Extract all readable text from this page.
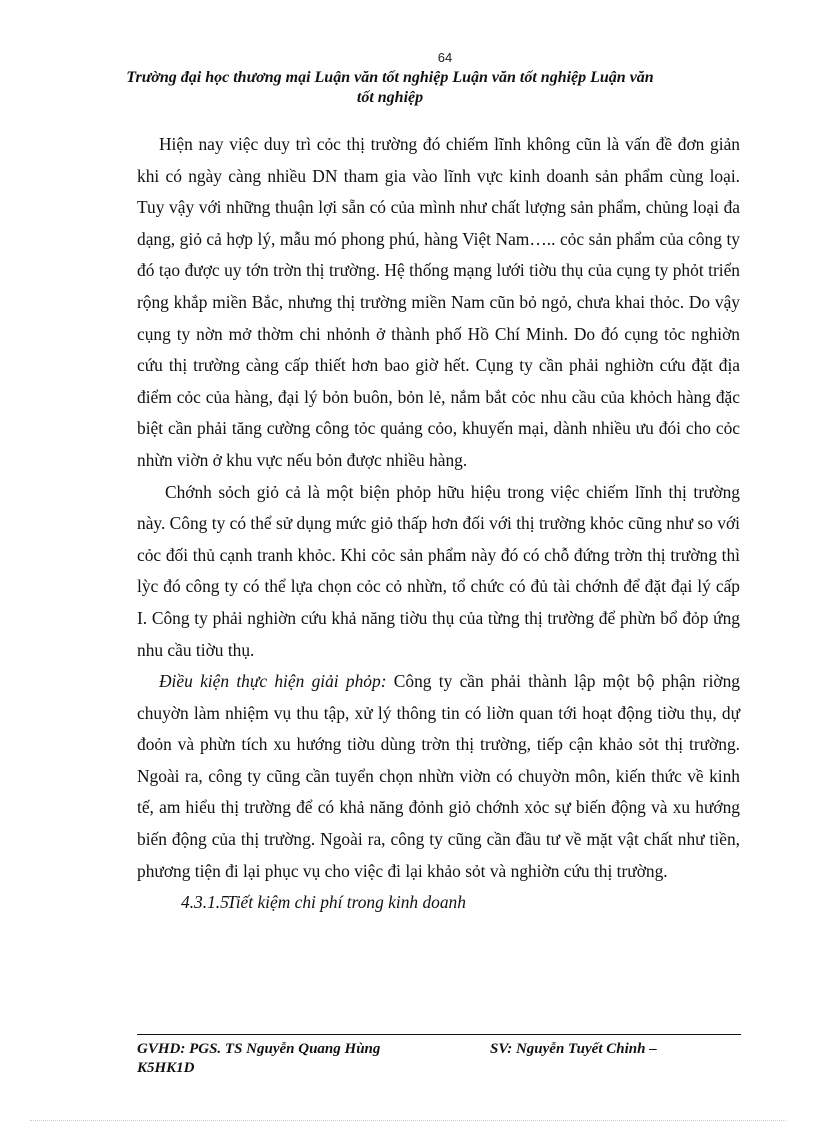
64
Trường đại học thương mại Luận văn tốt nghiệp Luận văn tốt nghiệp Luận văn tốt nghiệp

Hiện nay việc duy trì cỏc thị trường đó chiếm lĩnh không cũn là vấn đề đơn giản khi có ngày càng nhiều DN tham gia vào lĩnh vực kinh doanh sản phẩm cùng loại. Tuy vậy với những thuận lợi sẵn có của mình như chất lượng sản phẩm, chủng loại đa dạng, giỏ cả hợp lý, mẫu mó phong phú, hàng Việt Nam….. cỏc sản phẩm của công ty đó tạo được uy tớn trờn thị trường. Hệ thống mạng lưới tiờu thụ của cụng ty phỏt triển rộng khắp miền Bắc, nhưng thị trường miền Nam cũn bỏ ngỏ, chưa khai thỏc. Do vậy cụng ty nờn mở thờm chi nhỏnh ở thành phố Hồ Chí Minh. Do đó cụng tỏc nghiờn cứu thị trường càng cấp thiết hơn bao giờ hết. Cụng ty cần phải nghiờn cứu đặt địa điểm cỏc của hàng, đại lý bỏn buôn, bỏn lẻ, nắm bắt cỏc nhu cầu của khỏch hàng đặc biệt cần phải tăng cường công tỏc quảng cỏo, khuyến mại, dành nhiều ưu đói cho cỏc nhừn viờn ở khu vực nếu bỏn được nhiều hàng.

Chớnh sỏch giỏ cả là một biện phỏp hữu hiệu trong việc chiếm lĩnh thị trường này. Công ty có thể sử dụng mức giỏ thấp hơn đối với thị trường khỏc cũng như so với cỏc đối thủ cạnh tranh khỏc. Khi cỏc sản phẩm này đó có chỗ đứng trờn thị trường thì lỳc đó công ty có thể lựa chọn cỏc cỏ nhừn, tổ chức có đủ tài chớnh để đặt đại lý cấp I. Công ty phải nghiờn cứu khả năng tiờu thụ của từng thị trường để phừn bổ đỏp ứng nhu cầu tiờu thụ.

Điều kiện thực hiện giải phỏp: Công ty cần phải thành lập một bộ phận riờng chuyờn làm nhiệm vụ thu tập, xử lý thông tin có liờn quan tới hoạt động tiờu thụ, dự đoỏn và phừn tích xu hướng tiờu dùng trờn thị trường, tiếp cận khảo sỏt thị trường. Ngoài ra, công ty cũng cần tuyển chọn nhừn viờn có chuyờn môn, kiến thức về kinh tế, am hiểu thị trường để có khả năng đỏnh giỏ chớnh xỏc sự biến động và xu hướng biến động của thị trường. Ngoài ra, công ty cũng cần đầu tư về mặt vật chất như tiền, phương tiện đi lại phục vụ cho việc đi lại khảo sỏt và nghiờn cứu thị trường.

4.3.1.5Tiết kiệm chi phí trong kinh doanh

GVHD: PGS. TS Nguyễn Quang Hùng	SV: Nguyễn Tuyết Chinh –
K5HK1D
